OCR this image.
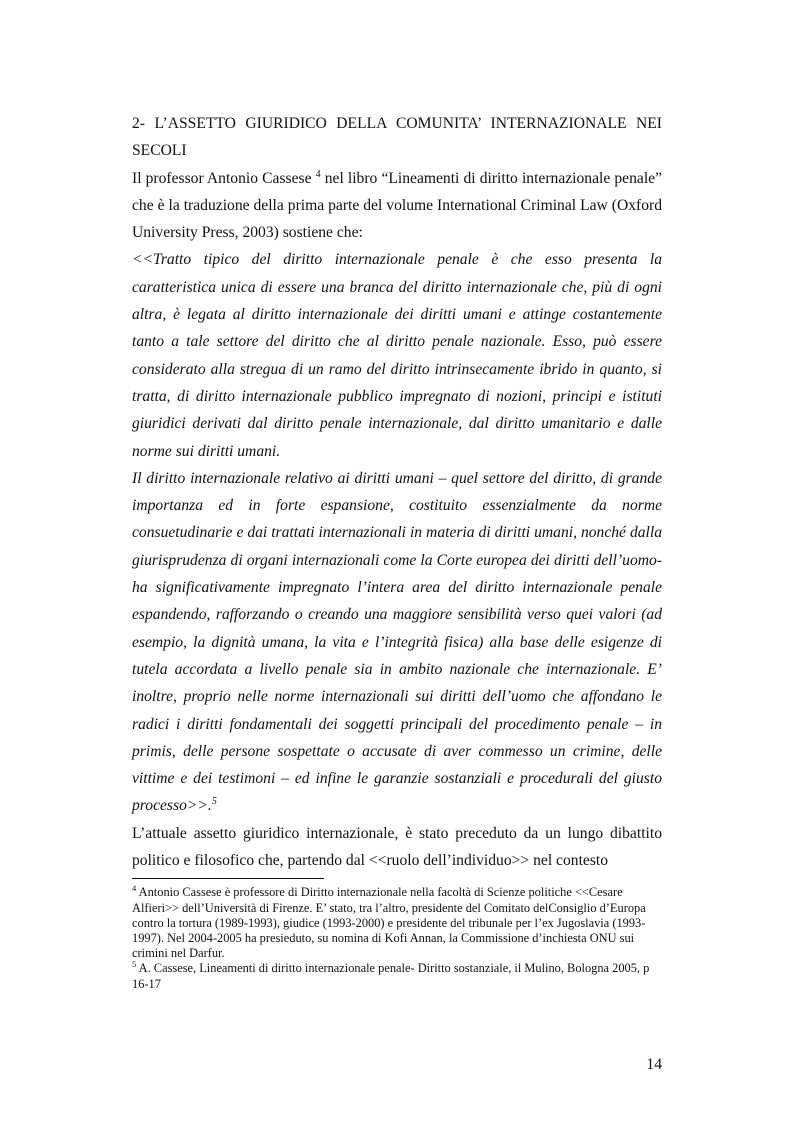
2- L’ASSETTO GIURIDICO DELLA COMUNITA’ INTERNAZIONALE NEI SECOLI

Il professor Antonio Cassese $^4$ nel libro “Lineamenti di diritto internazionale penale” che è la traduzione della prima parte del volume International Criminal Law (Oxford University Press, 2003) sostiene che:

<<Tratto tipico del diritto internazionale penale è che esso presenta la caratteristica unica di essere una branca del diritto internazionale che, più di ogni altra, è legata al diritto internazionale dei diritti umani e attinge costantemente tanto a tale settore del diritto che al diritto penale nazionale. Esso, può essere considerato alla stregua di un ramo del diritto intrinsecamente ibrido in quanto, si tratta, di diritto internazionale pubblico impregnato di nozioni, principi e istituti giuridici derivati dal diritto penale internazionale, dal diritto umanitario e dalle norme sui diritti umani.

Il diritto internazionale relativo ai diritti umani – quel settore del diritto, di grande importanza ed in forte espansione, costituito essenzialmente da norme consuetudinarie e dai trattati internazionali in materia di diritti umani, nonché dalla giurisprudenza di organi internazionali come la Corte europea dei diritti dell’uomo- ha significativamente impregnato l’intera area del diritto internazionale penale espandendo, rafforzando o creando una maggiore sensibilità verso quei valori (ad esempio, la dignità umana, la vita e l’integrità fisica) alla base delle esigenze di tutela accordata a livello penale sia in ambito nazionale che internazionale. E’ inoltre, proprio nelle norme internazionali sui diritti dell’uomo che affondano le radici i diritti fondamentali dei soggetti principali del procedimento penale – in primis, delle persone sospettate o accusate di aver commesso un crimine, delle vittime e dei testimoni – ed infine le garanzie sostanziali e procedurali del giusto processo>>.$^5$

L’attuale assetto giuridico internazionale, è stato preceduto da un lungo dibattito politico e filosofico che, partendo dal <<ruolo dell’individuo>> nel contesto

$^4$ Antonio Cassese è professore di Diritto internazionale nella facoltà di Scienze politiche <<Cesare Alfieri>> dell’Università di Firenze. E’ stato, tra l’altro, presidente del Comitato delConsiglio d’Europa contro la tortura (1989-1993), giudice (1993-2000) e presidente del tribunale per l’ex Jugoslavia (1993-1997). Nel 2004-2005 ha presieduto, su nomina di Kofi Annan, la Commissione d’inchiesta ONU sui crimini nel Darfur.

$^5$ A. Cassese, Lineamenti di diritto internazionale penale- Diritto sostanziale, il Mulino, Bologna 2005, p 16-17

14
